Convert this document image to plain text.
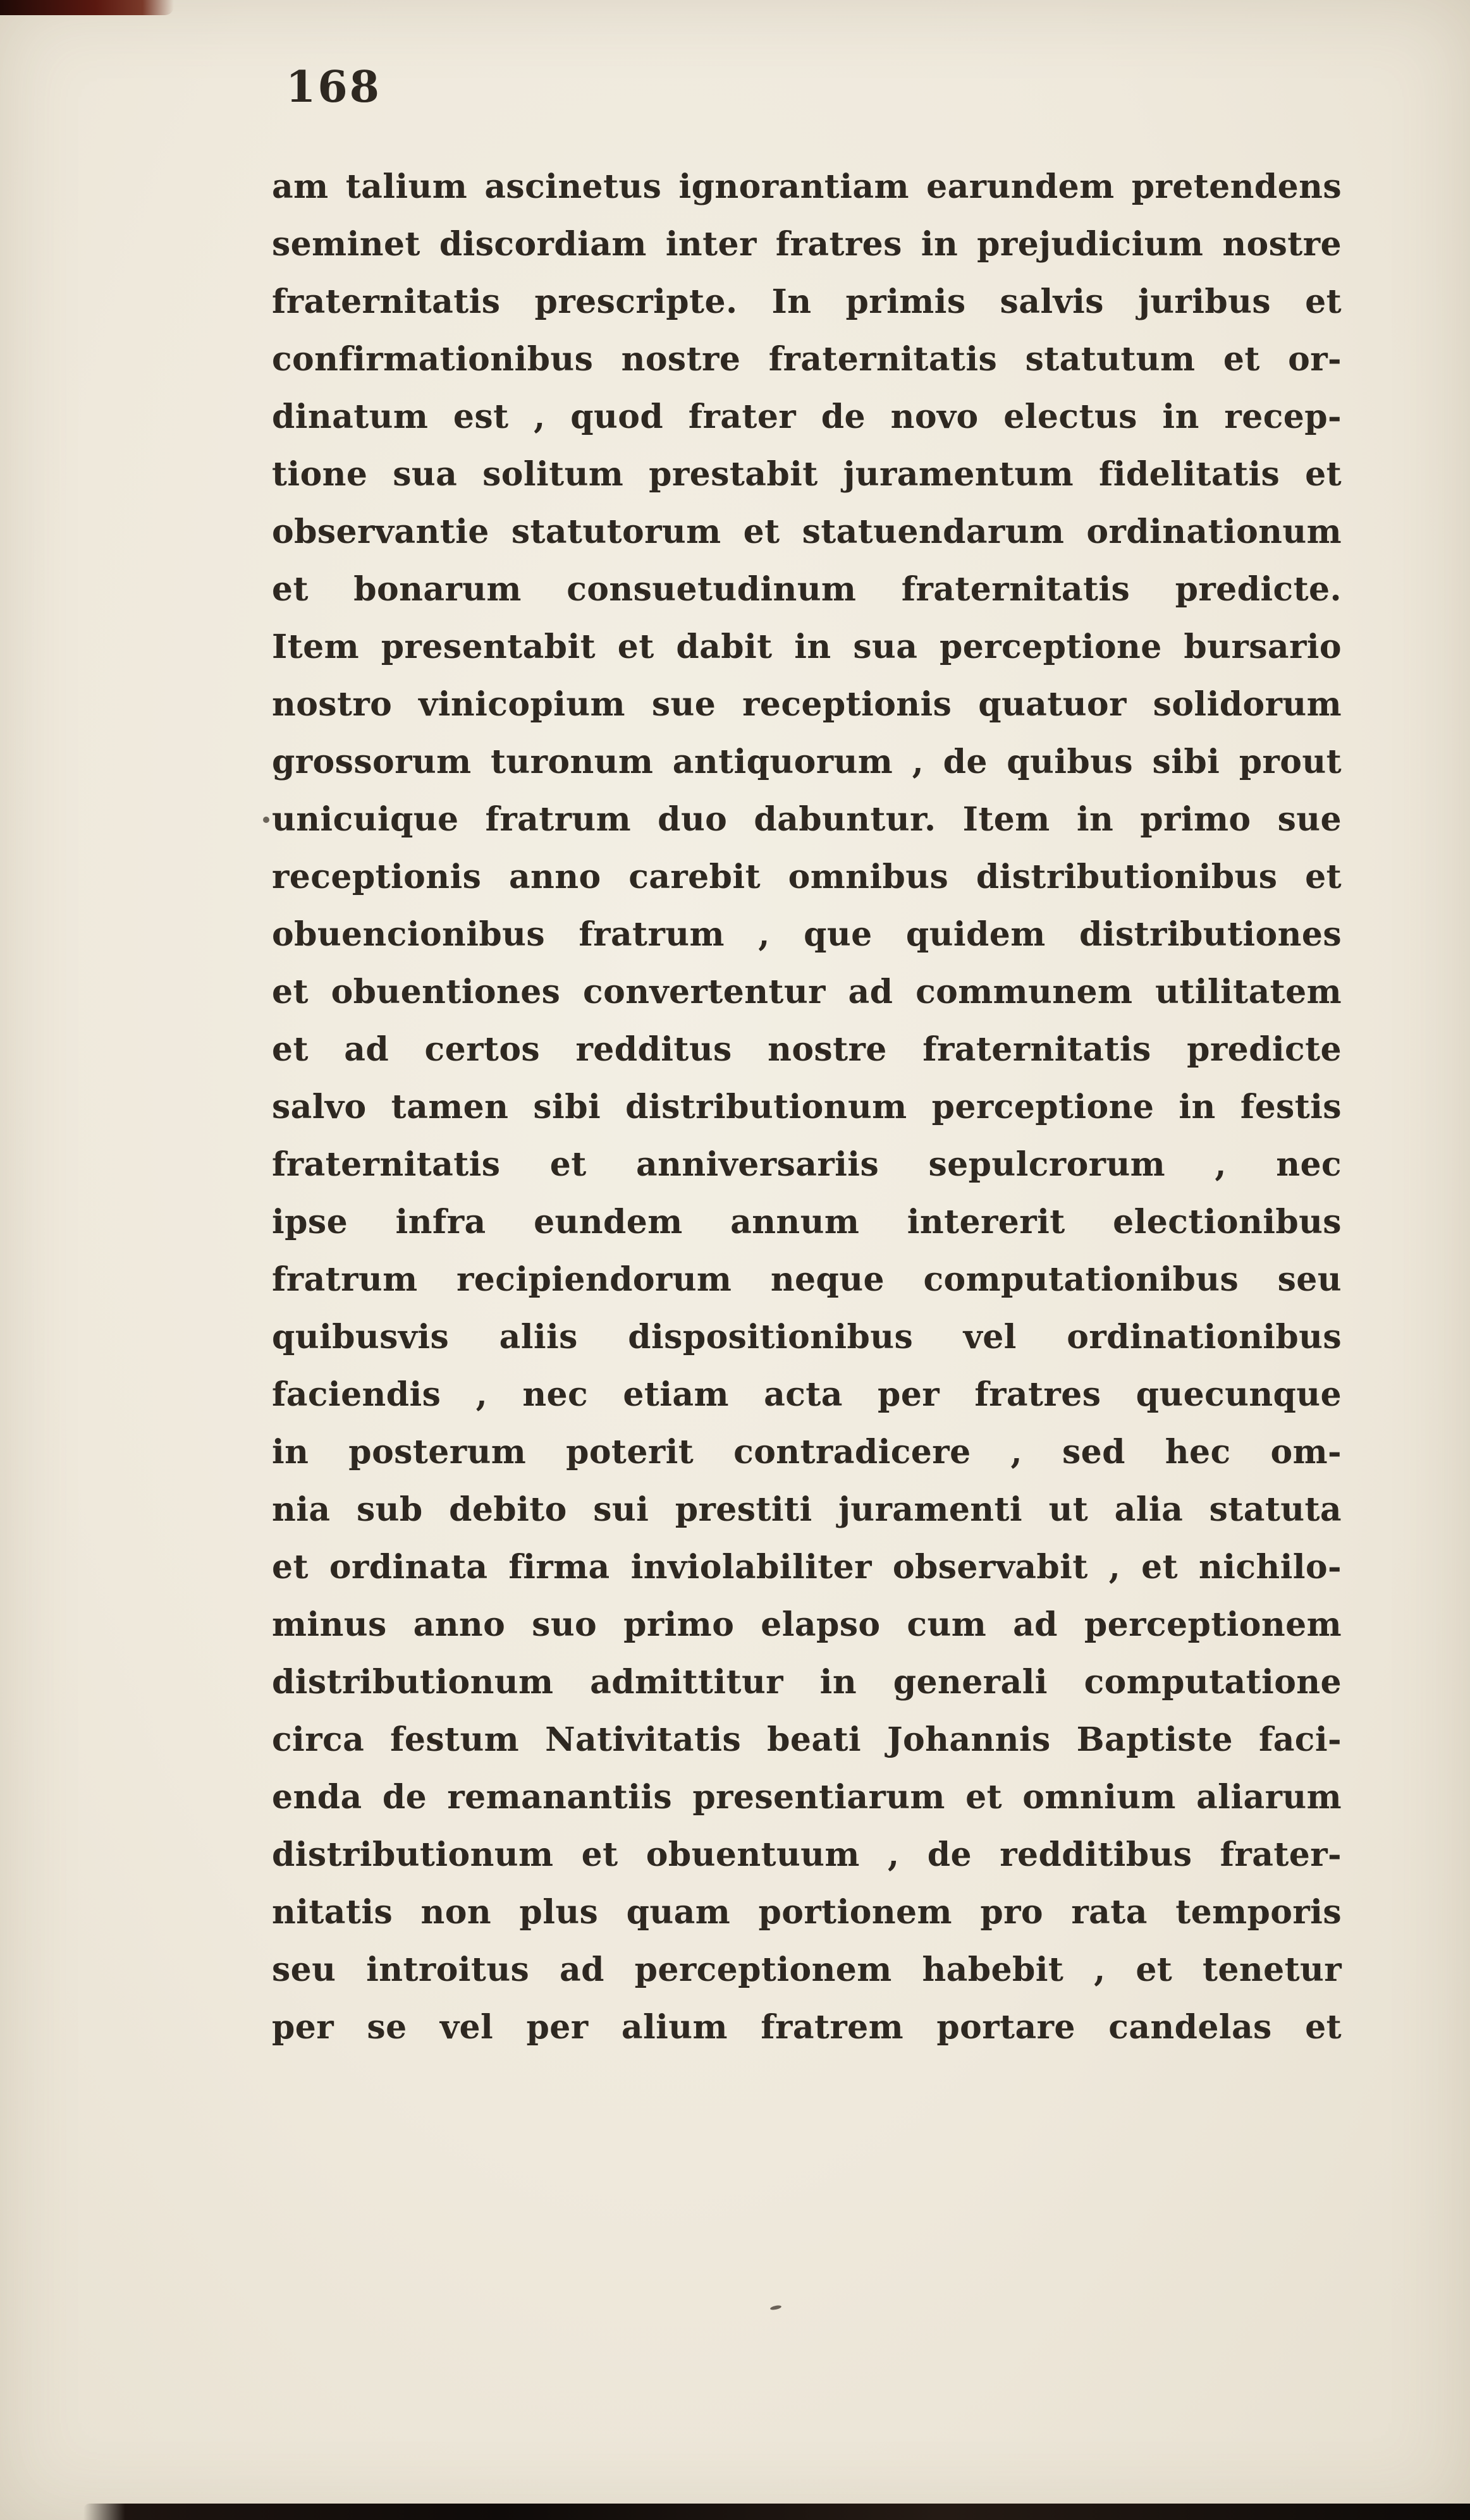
168
am talium ascinetus ignorantiam earundem pretendens
seminet discordiam inter fratres in prejudicium nostre
fraternitatis prescripte. In primis salvis juribus et
confirmationibus nostre fraternitatis statutum et or-
dinatum est , quod frater de novo electus in recep-
tione sua solitum prestabit juramentum fidelitatis et
observantie statutorum et statuendarum ordinationum
et bonarum consuetudinum fraternitatis predicte.
Item presentabit et dabit in sua perceptione bursario
nostro vinicopium sue receptionis quatuor solidorum
grossorum turonum antiquorum , de quibus sibi prout
unicuique fratrum duo dabuntur. Item in primo sue
receptionis anno carebit omnibus distributionibus et
obuencionibus fratrum , que quidem distributiones
et obuentiones convertentur ad communem utilitatem
et ad certos redditus nostre fraternitatis predicte
salvo tamen sibi distributionum perceptione in festis
fraternitatis et anniversariis sepulcrorum , nec
ipse infra eundem annum intererit electionibus
fratrum recipiendorum neque computationibus seu
quibusvis aliis dispositionibus vel ordinationibus
faciendis , nec etiam acta per fratres quecunque
in posterum poterit contradicere , sed hec om-
nia sub debito sui prestiti juramenti ut alia statuta
et ordinata firma inviolabiliter observabit , et nichilo-
minus anno suo primo elapso cum ad perceptionem
distributionum admittitur in generali computatione
circa festum Nativitatis beati Johannis Baptiste faci-
enda de remanantiis presentiarum et omnium aliarum
distributionum et obuentuum , de redditibus frater-
nitatis non plus quam portionem pro rata temporis
seu introitus ad perceptionem habebit , et tenetur
per se vel per alium fratrem portare candelas et
